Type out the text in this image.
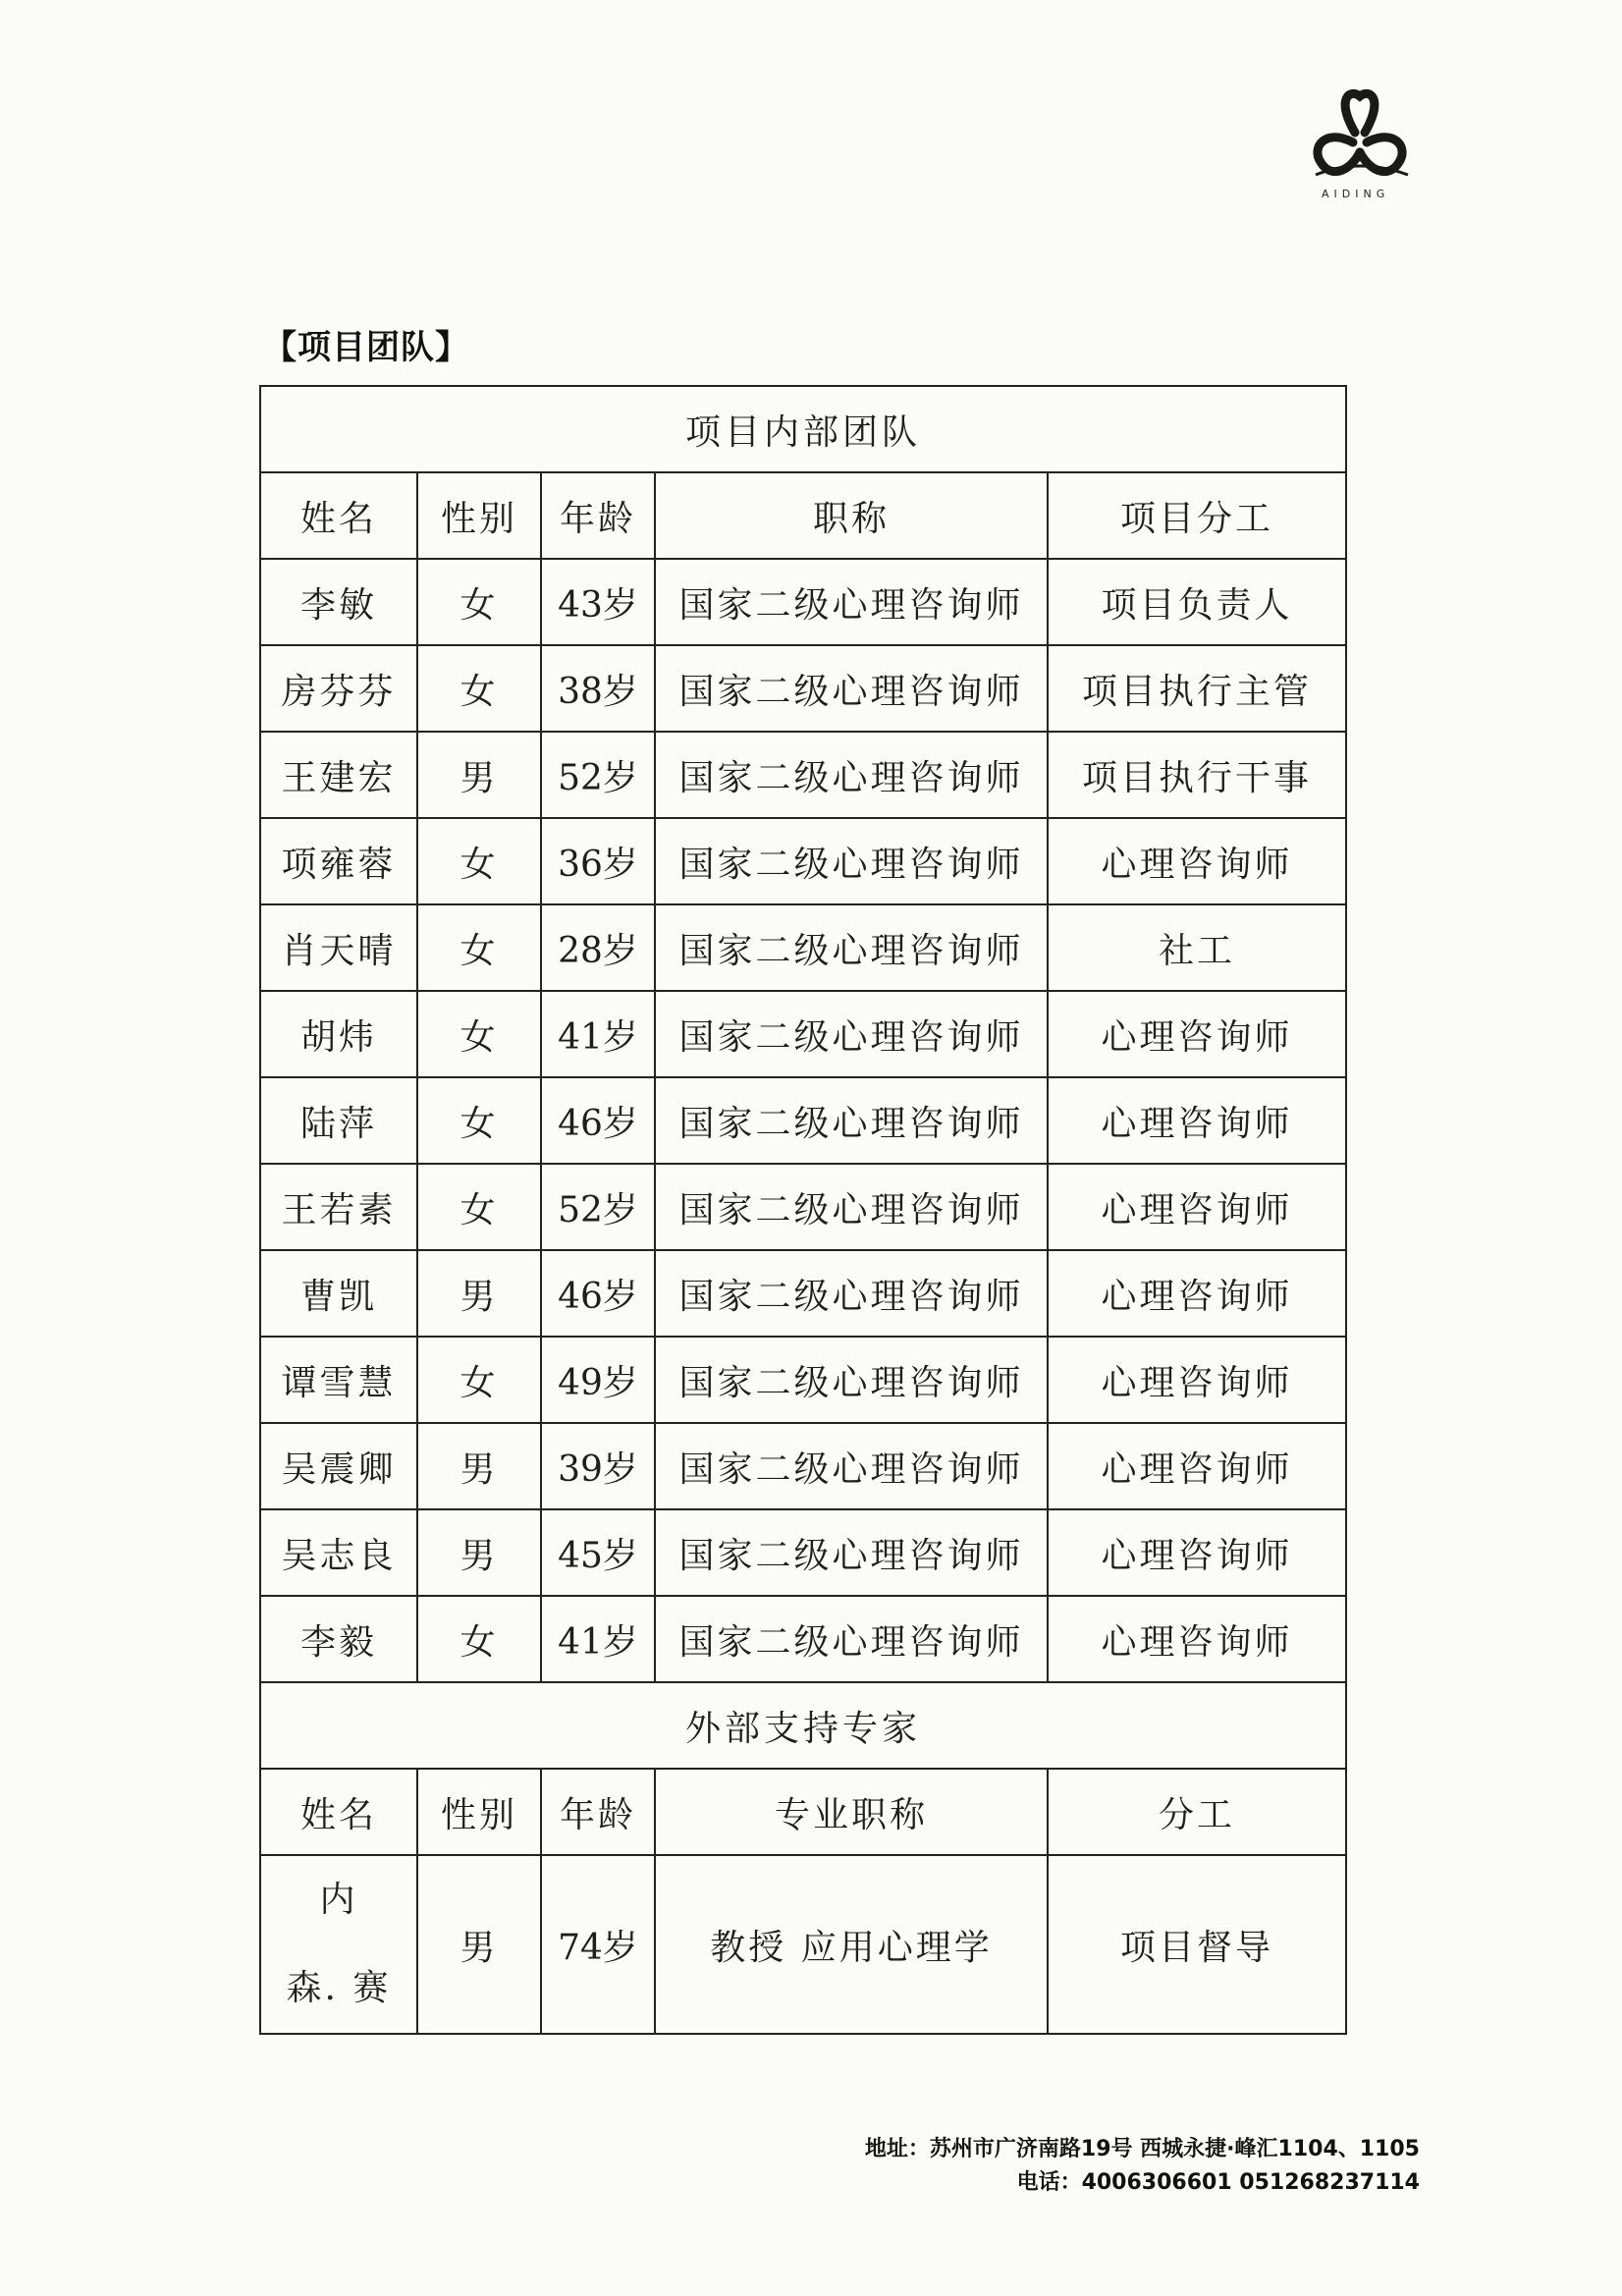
AIDING
【项目团队】
项目内部团队				
姓名	性别	年龄	职称	项目分工
李敏	女	43岁	国家二级心理咨询师	项目负责人
房芬芬	女	38岁	国家二级心理咨询师	项目执行主管
王建宏	男	52岁	国家二级心理咨询师	项目执行干事
项雍蓉	女	36岁	国家二级心理咨询师	心理咨询师
肖天晴	女	28岁	国家二级心理咨询师	社工
胡炜	女	41岁	国家二级心理咨询师	心理咨询师
陆萍	女	46岁	国家二级心理咨询师	心理咨询师
王若素	女	52岁	国家二级心理咨询师	心理咨询师
曹凯	男	46岁	国家二级心理咨询师	心理咨询师
谭雪慧	女	49岁	国家二级心理咨询师	心理咨询师
吴震卿	男	39岁	国家二级心理咨询师	心理咨询师
吴志良	男	45岁	国家二级心理咨询师	心理咨询师
李毅	女	41岁	国家二级心理咨询师	心理咨询师
外部支持专家				
姓名	性别	年龄	专业职称	分工
内
森. 赛	男	74岁	教授 应用心理学	项目督导
地址：苏州市广济南路19号 西城永捷·峰汇1104、1105
电话：4006306601 051268237114
